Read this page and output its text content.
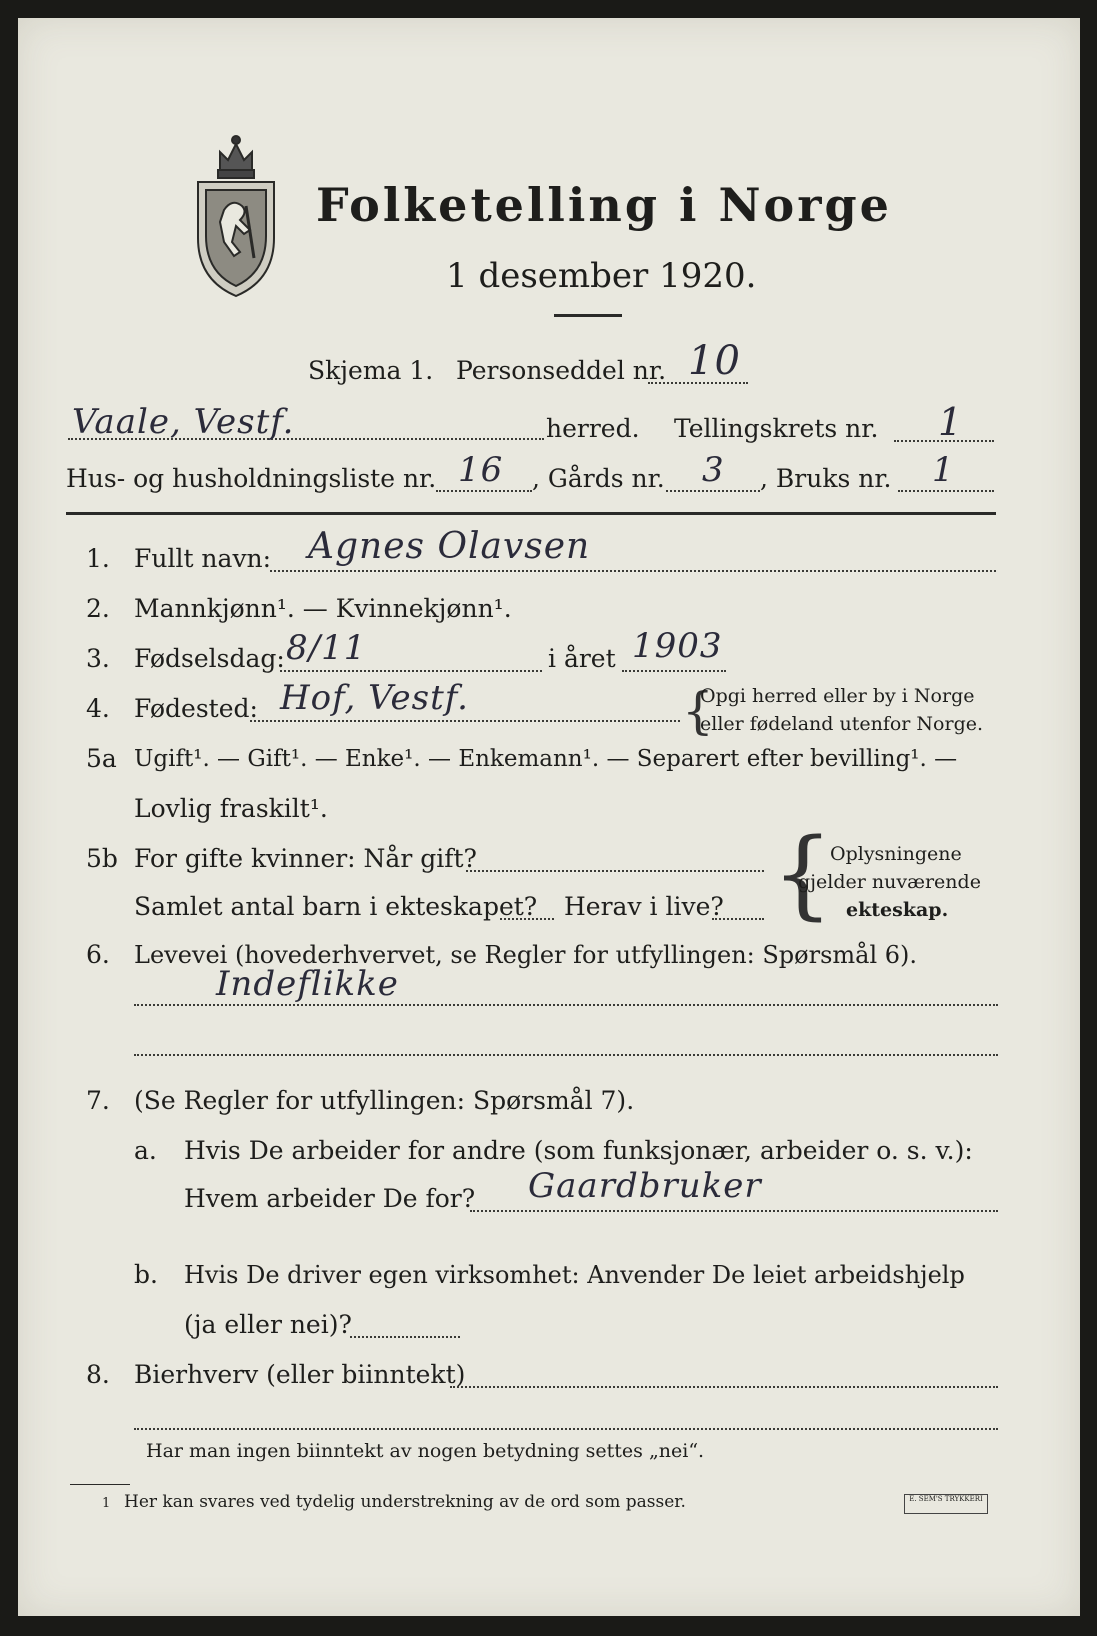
Folketelling i Norge
1 desember 1920.
Skjema 1. Personseddel nr. 10
Vaale, Vestf.	herred. Tellingskrets nr. 1
Hus- og husholdningsliste nr. 16 , Gårds nr. 3 , Bruks nr. 1
1. Fullt navn: Agnes Olavsen
2. Mannkjønn¹. — Kvinnekjønn¹.
3. Fødselsdag: 8/11	i året 1903
4. Fødested: Hof, Vestf.	{
Opgi herred eller by i Norge
eller fødeland utenfor Norge.
5a Ugift¹. — Gift¹. — Enke¹. — Enkemann¹. — Separert efter bevilling¹. —
Lovlig fraskilt¹.
5b For gifte kvinner: Når gift?
Samlet antal barn i ekteskapet? Herav i live? {
Oplysningene
gjelder nuværende
ekteskap.
6. Levevei (hovederhvervet, se Regler for utfyllingen: Spørsmål 6).
Indeflikke
7. (Se Regler for utfyllingen: Spørsmål 7).
a. Hvis De arbeider for andre (som funksjonær, arbeider o. s. v.):
Hvem arbeider De for? Gaardbruker
b. Hvis De driver egen virksomhet: Anvender De leiet arbeidshjelp
(ja eller nei)?
8. Bierhverv (eller biinntekt)
Har man ingen biinntekt av nogen betydning settes „nei“.
1 Her kan svares ved tydelig understrekning av de ord som passer.	E. SEM'S TRYKKERI
